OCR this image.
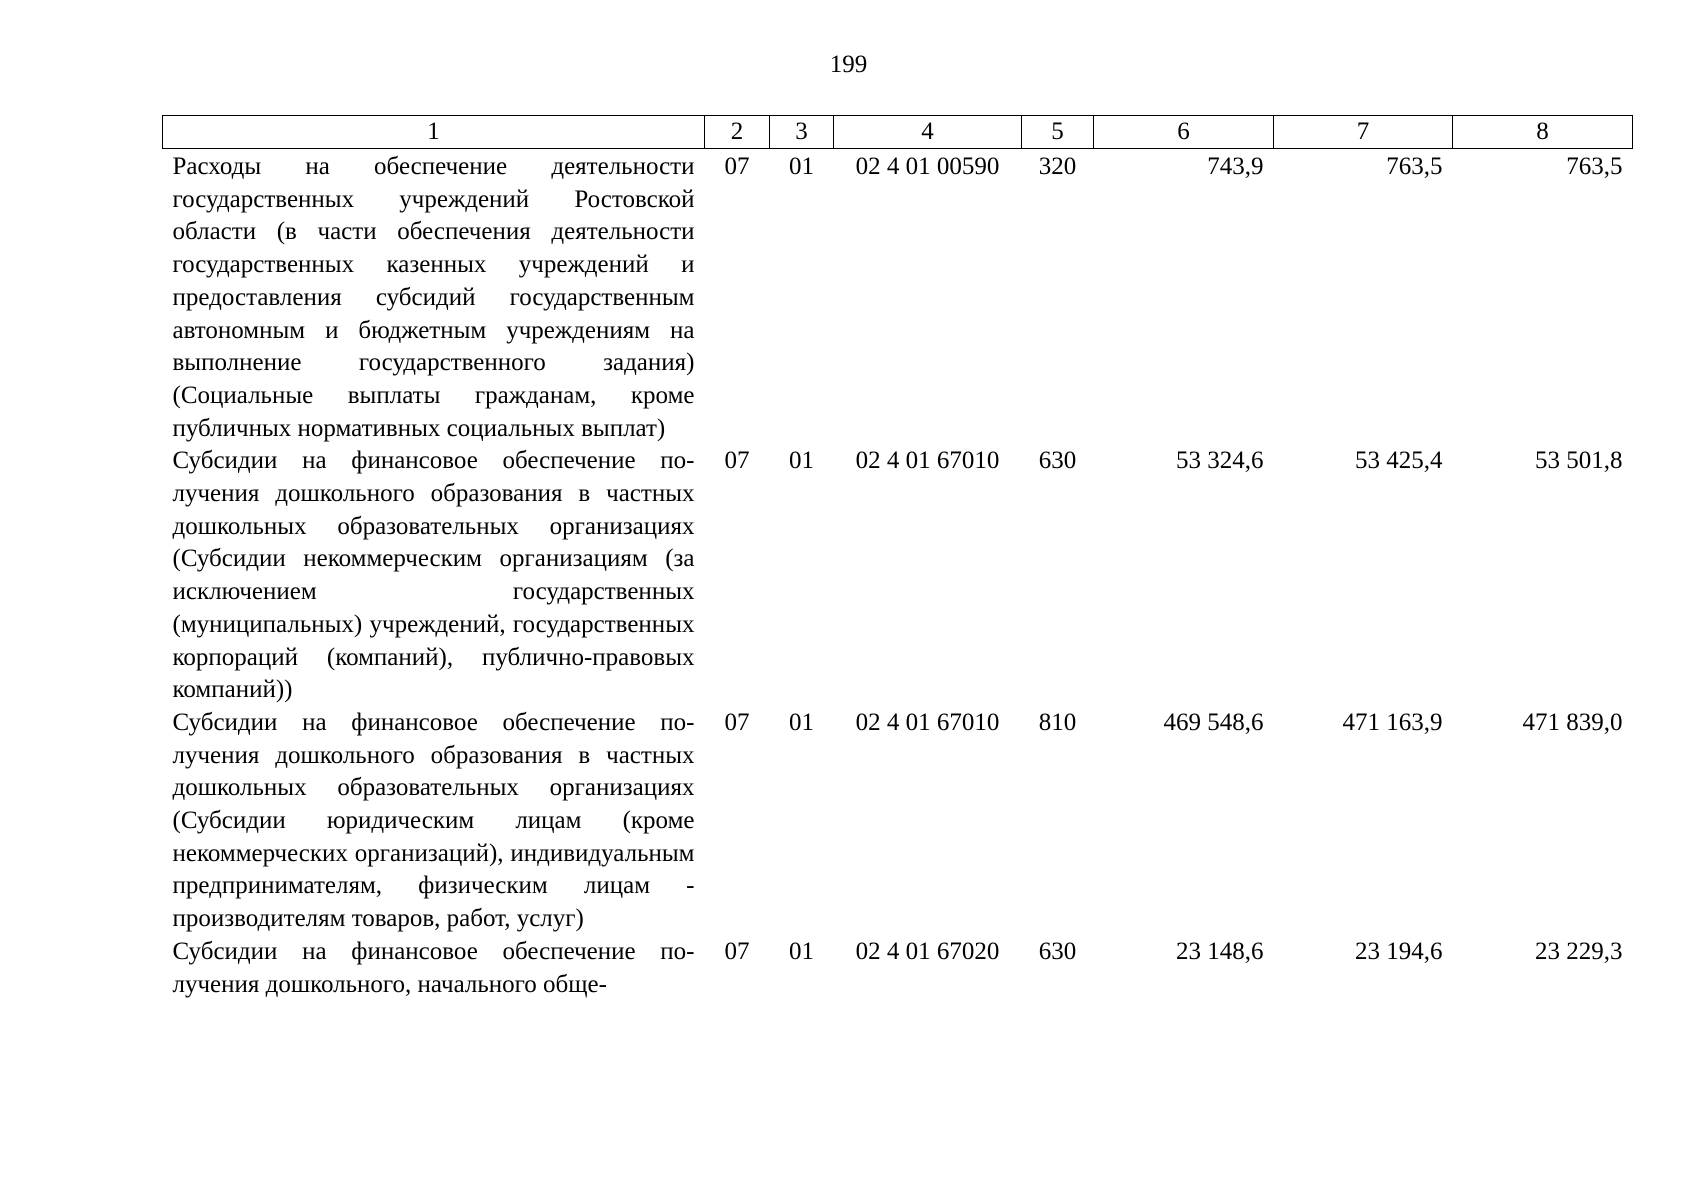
199
1	2	3	4	5	6	7	8
Расходы на обеспечение деятельности государственных учреждений Ростовской области (в части обеспечения деятельности государственных казенных учреждений и предоставления субсидий государственным автономным и бюджетным учреждениям на выполнение государственного задания) (Социальные выплаты гражданам, кроме публичных нормативных социальных выплат)	07	01	02 4 01 00590	320	743,9	763,5	763,5
Субсидии на финансовое обеспечение получения дошкольного образования в частных дошкольных образовательных организациях (Субсидии некоммерческим организациям (за исключением государственных (муниципальных) учреждений, государственных корпораций (компаний), публично-правовых компаний))	07	01	02 4 01 67010	630	53 324,6	53 425,4	53 501,8
Субсидии на финансовое обеспечение получения дошкольного образования в частных дошкольных образовательных организациях (Субсидии юридическим лицам (кроме некоммерческих организаций), индивидуальным предпринимателям, физическим лицам - производителям товаров, работ, услуг)	07	01	02 4 01 67010	810	469 548,6	471 163,9	471 839,0
Субсидии на финансовое обеспечение получения дошкольного, начального обще-	07	01	02 4 01 67020	630	23 148,6	23 194,6	23 229,3
